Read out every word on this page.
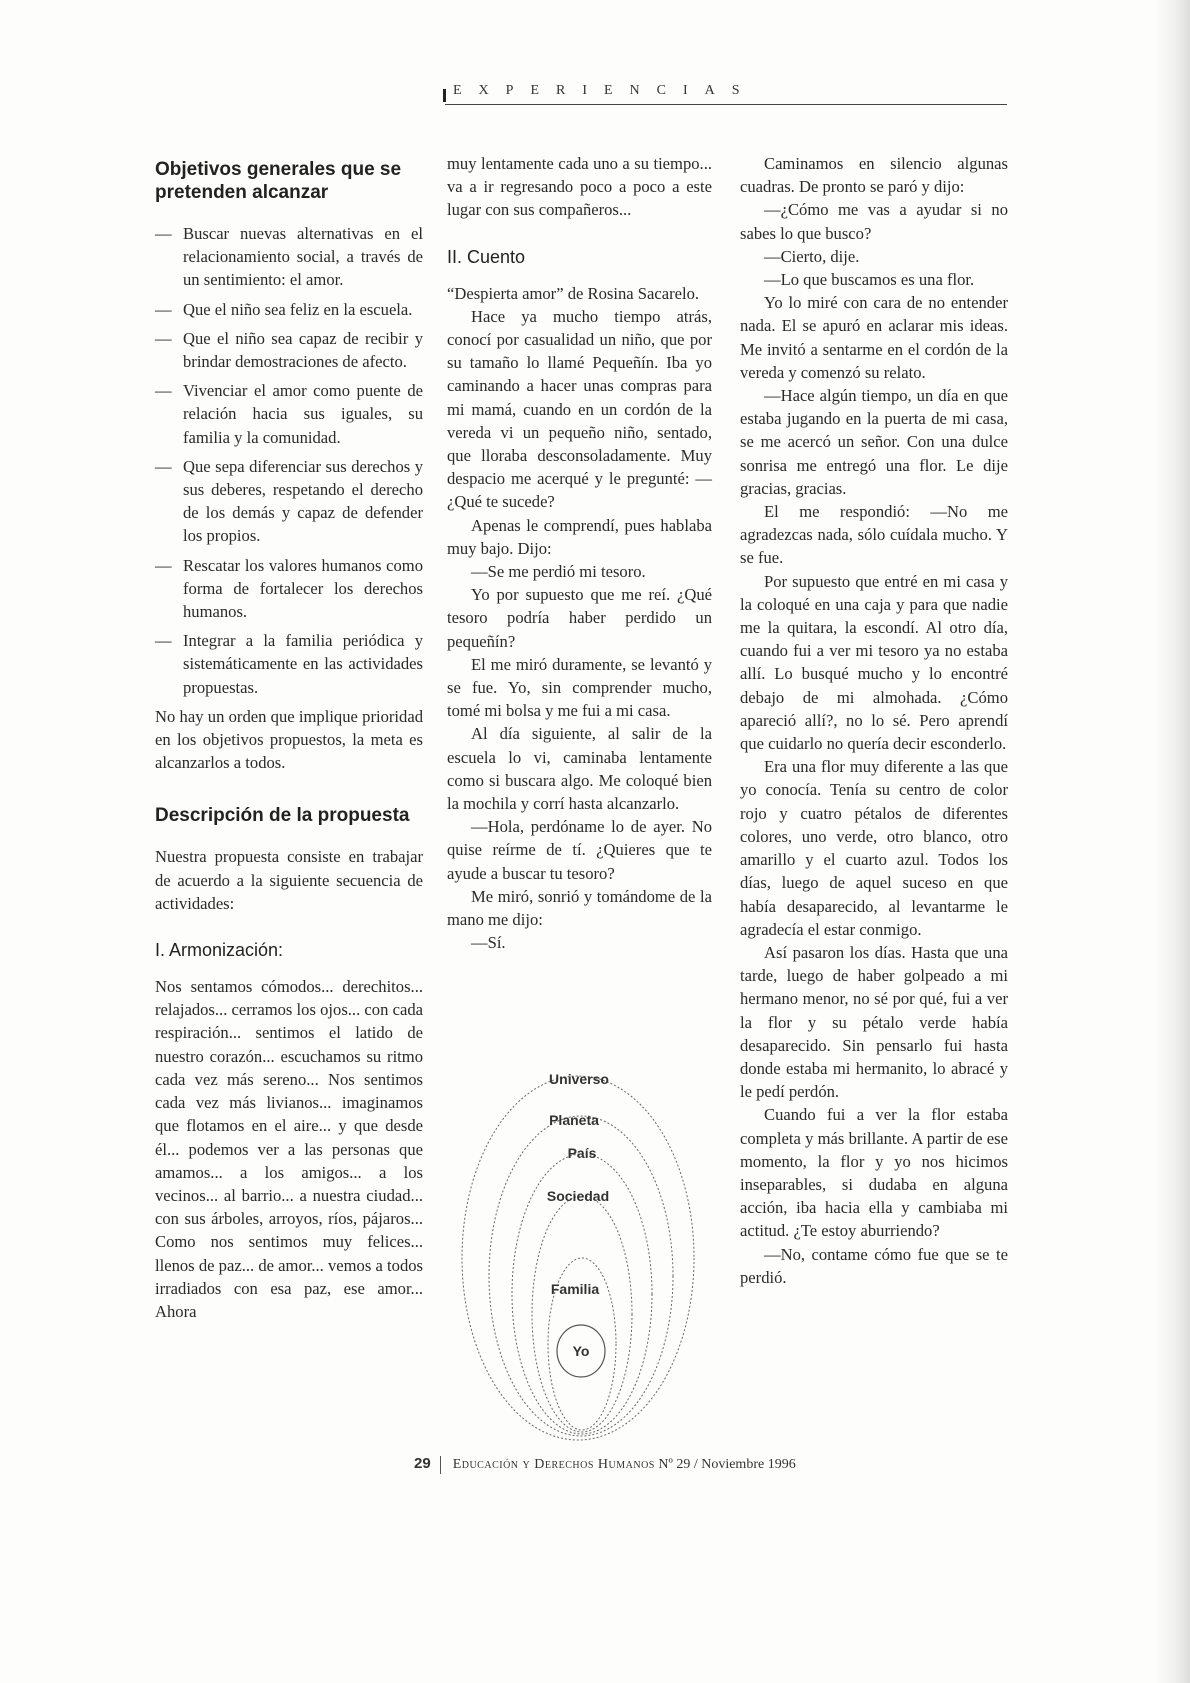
EXPERIENCIAS
Objetivos generales que se pretenden alcanzar
— Buscar nuevas alternativas en el relacionamiento social, a través de un sentimiento: el amor.
— Que el niño sea feliz en la escuela.
— Que el niño sea capaz de recibir y brindar demostraciones de afecto.
— Vivenciar el amor como puente de relación hacia sus iguales, su familia y la comunidad.
— Que sepa diferenciar sus derechos y sus deberes, respetando el derecho de los demás y capaz de defender los propios.
— Rescatar los valores humanos como forma de fortalecer los derechos humanos.
— Integrar a la familia periódica y sistemáticamente en las actividades propuestas.

No hay un orden que implique prioridad en los objetivos propuestos, la meta es alcanzarlos a todos.

Descripción de la propuesta

Nuestra propuesta consiste en trabajar de acuerdo a la siguiente secuencia de actividades:

I. Armonización:

Nos sentamos cómodos... derechitos... relajados... cerramos los ojos... con cada respiración... sentimos el latido de nuestro corazón... escuchamos su ritmo cada vez más sereno... Nos sentimos cada vez más livianos... imaginamos que flotamos en el aire... y que desde él... podemos ver a las personas que amamos... a los amigos... a los vecinos... al barrio... a nuestra ciudad... con sus árboles, arroyos, ríos, pájaros... Como nos sentimos muy felices... llenos de paz... de amor... vemos a todos irradiados con esa paz, ese amor... Ahora

muy lentamente cada uno a su tiempo... va a ir regresando poco a poco a este lugar con sus compañeros...

II. Cuento

“Despierta amor” de Rosina Sacarelo.

Hace ya mucho tiempo atrás, conocí por casualidad un niño, que por su tamaño lo llamé Pequeñín. Iba yo caminando a hacer unas compras para mi mamá, cuando en un cordón de la vereda vi un pequeño niño, sentado, que lloraba desconsoladamente. Muy despacio me acerqué y le pregunté: —¿Qué te sucede?

Apenas le comprendí, pues hablaba muy bajo. Dijo:

—Se me perdió mi tesoro.

Yo por supuesto que me reí. ¿Qué tesoro podría haber perdido un pequeñín?

El me miró duramente, se levantó y se fue. Yo, sin comprender mucho, tomé mi bolsa y me fui a mi casa.

Al día siguiente, al salir de la escuela lo vi, caminaba lentamente como si buscara algo. Me coloqué bien la mochila y corrí hasta alcanzarlo.

—Hola, perdóname lo de ayer. No quise reírme de tí. ¿Quieres que te ayude a buscar tu tesoro?

Me miró, sonrió y tomándome de la mano me dijo:

—Sí.

Universo
Planeta
País
Sociedad
Familia
Yo

Caminamos en silencio algunas cuadras. De pronto se paró y dijo:

—¿Cómo me vas a ayudar si no sabes lo que busco?

—Cierto, dije.

—Lo que buscamos es una flor.

Yo lo miré con cara de no entender nada. El se apuró en aclarar mis ideas. Me invitó a sentarme en el cordón de la vereda y comenzó su relato.

—Hace algún tiempo, un día en que estaba jugando en la puerta de mi casa, se me acercó un señor. Con una dulce sonrisa me entregó una flor. Le dije gracias, gracias.

El me respondió: —No me agradezcas nada, sólo cuídala mucho. Y se fue.

Por supuesto que entré en mi casa y la coloqué en una caja y para que nadie me la quitara, la escondí. Al otro día, cuando fui a ver mi tesoro ya no estaba allí. Lo busqué mucho y lo encontré debajo de mi almohada. ¿Cómo apareció allí?, no lo sé. Pero aprendí que cuidarlo no quería decir esconderlo.

Era una flor muy diferente a las que yo conocía. Tenía su centro de color rojo y cuatro pétalos de diferentes colores, uno verde, otro blanco, otro amarillo y el cuarto azul. Todos los días, luego de aquel suceso en que había desaparecido, al levantarme le agradecía el estar conmigo.

Así pasaron los días. Hasta que una tarde, luego de haber golpeado a mi hermano menor, no sé por qué, fui a ver la flor y su pétalo verde había desaparecido. Sin pensarlo fui hasta donde estaba mi hermanito, lo abracé y le pedí perdón.

Cuando fui a ver la flor estaba completa y más brillante. A partir de ese momento, la flor y yo nos hicimos inseparables, si dudaba en alguna acción, iba hacia ella y cambiaba mi actitud. ¿Te estoy aburriendo?

—No, contame cómo fue que se te perdió.

29 Educación y Derechos Humanos Nº 29 / Noviembre 1996
